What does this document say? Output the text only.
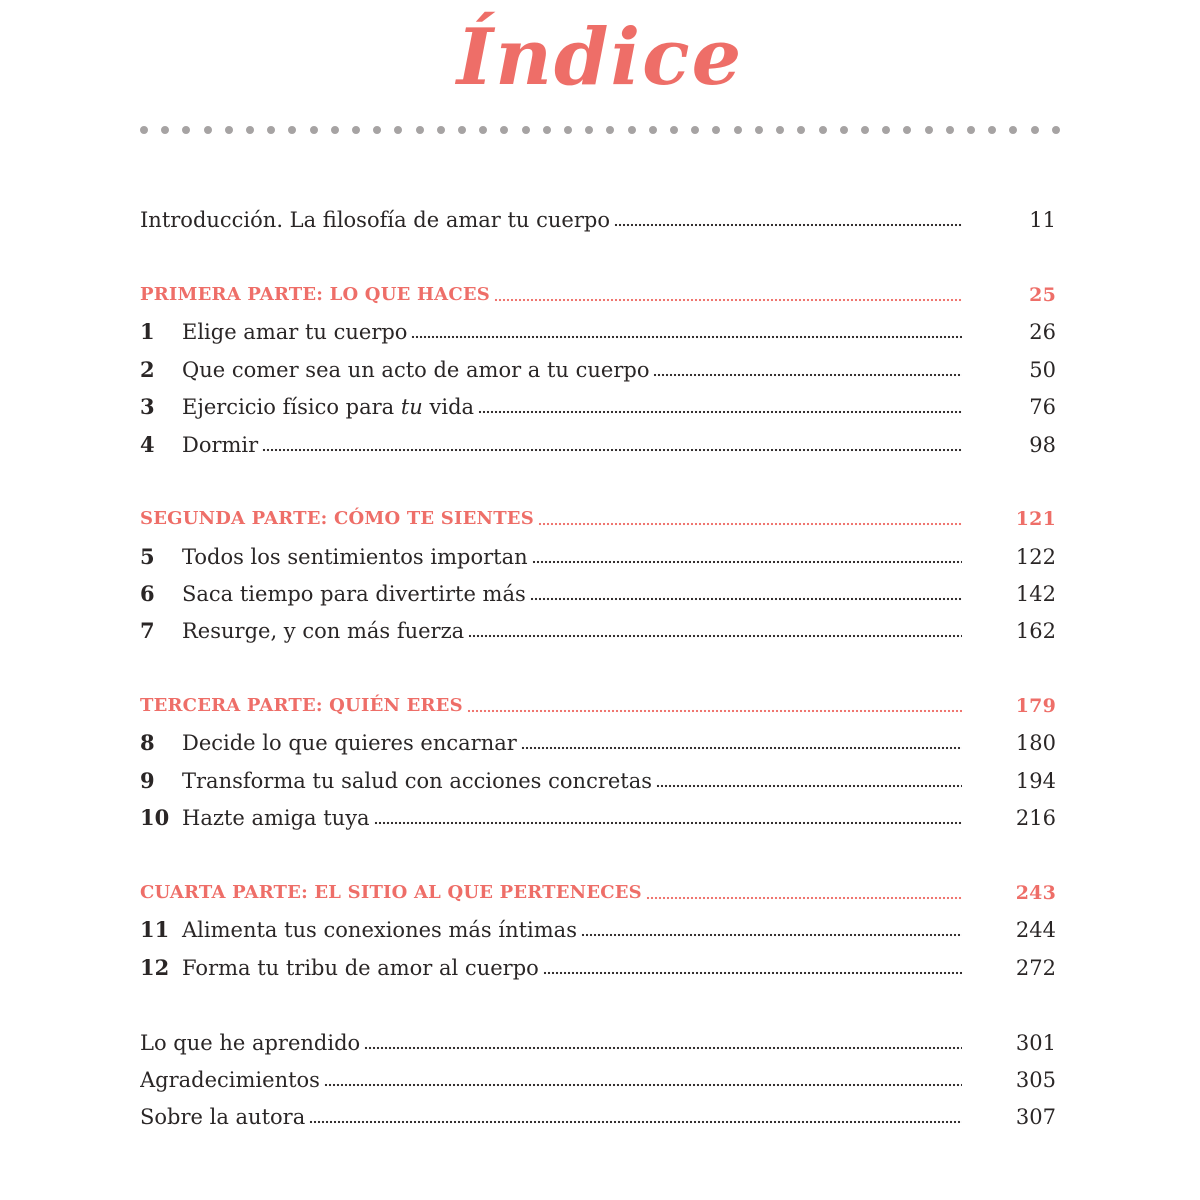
Índice
Introducción. La filosofía de amar tu cuerpo	11
PRIMERA PARTE: LO QUE HACES	25
1	Elige amar tu cuerpo	26
2	Que comer sea un acto de amor a tu cuerpo	50
3	Ejercicio físico para tu vida	76
4	Dormir	98
SEGUNDA PARTE: CÓMO TE SIENTES	121
5	Todos los sentimientos importan	122
6	Saca tiempo para divertirte más	142
7	Resurge, y con más fuerza	162
TERCERA PARTE: QUIÉN ERES	179
8	Decide lo que quieres encarnar	180
9	Transforma tu salud con acciones concretas	194
10 Hazte amiga tuya	216
CUARTA PARTE: EL SITIO AL QUE PERTENECES	243
11 Alimenta tus conexiones más íntimas	244
12 Forma tu tribu de amor al cuerpo	272
Lo que he aprendido	301
Agradecimientos	305
Sobre la autora	307
